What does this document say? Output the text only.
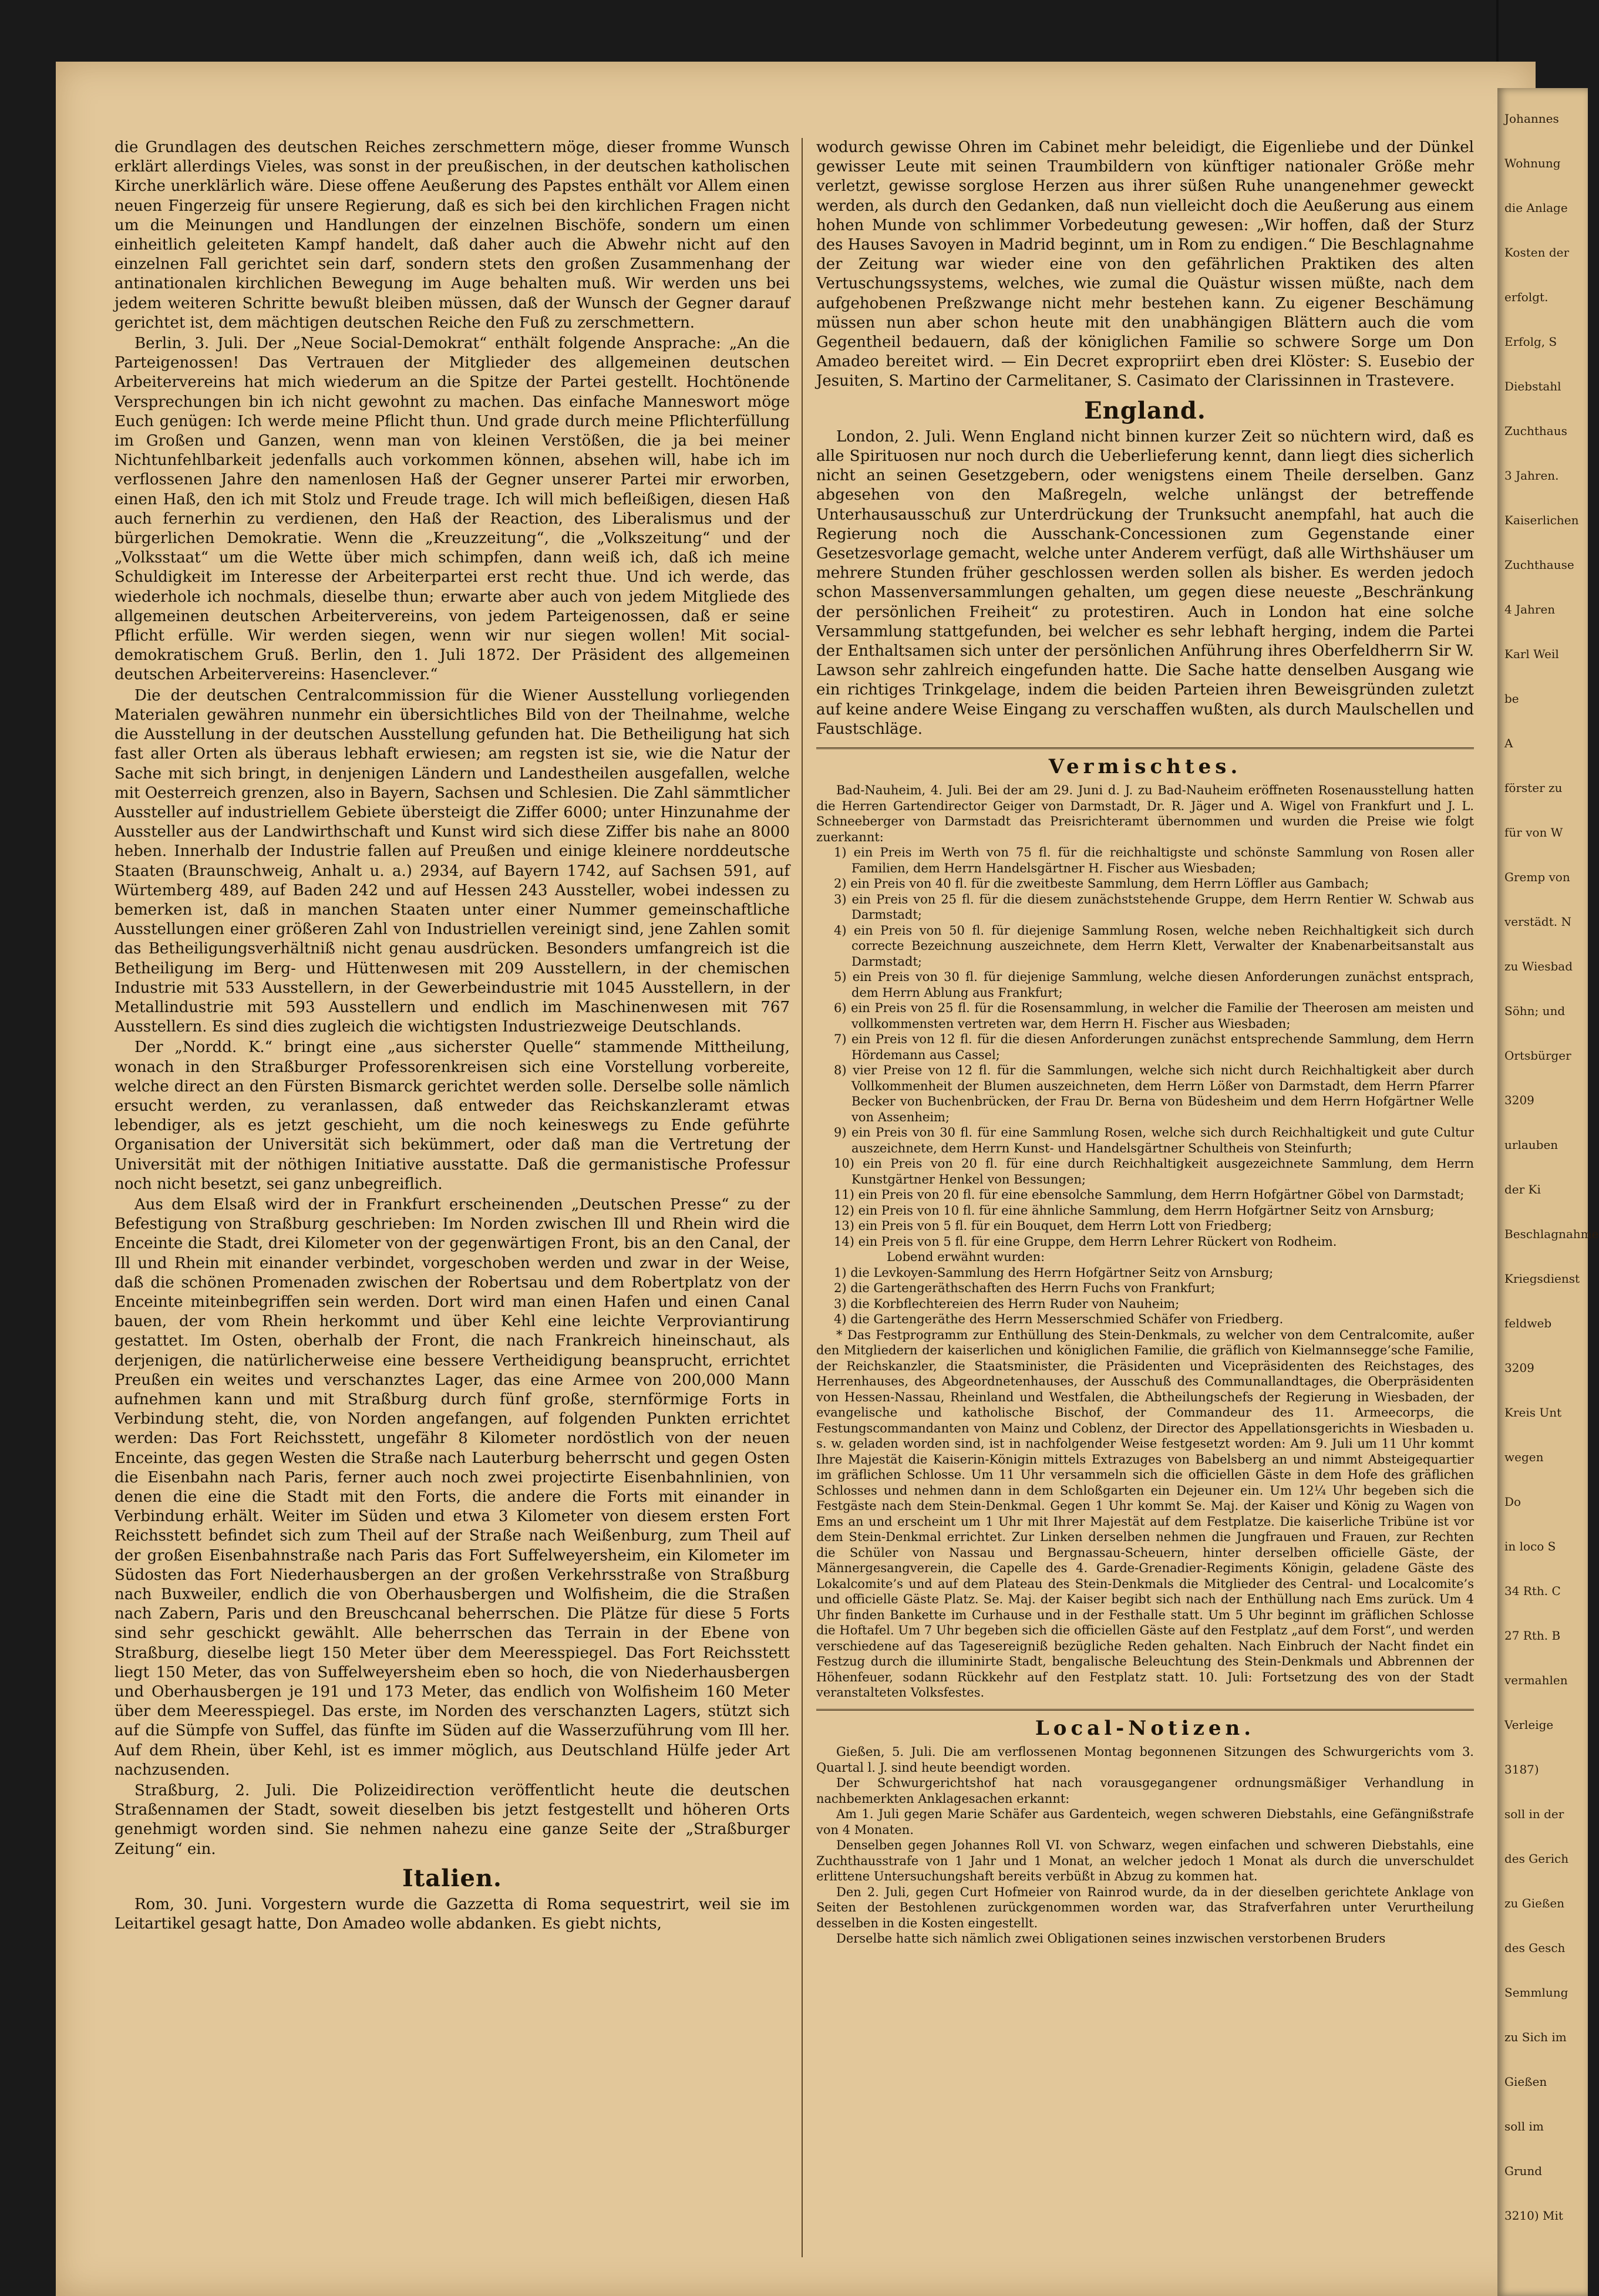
Johannes
Wohnung
die Anlage
Kosten der
erfolgt.
Erfolg, S
Diebstahl
Zuchthaus
3 Jahren.
Kaiserlichen
Zuchthause
4 Jahren
Karl Weil
be
A
förster zu
für von W
Gremp von
verstädt. N
zu Wiesbad
Söhn; und
Ortsbürger
3209
urlauben
der Ki
Beschlagnahme
Kriegsdienst
feldweb
3209
Kreis Unt
wegen
Do
in loco S
34 Rth. C
27 Rth. B
vermahlen
Verleige
3187)
soll in der
des Gerich
zu Gießen
des Gesch
Semmlung
zu Sich im
Gießen
soll im
Grund
3210) Mit

die Grundlagen des deutschen Reiches zerschmettern möge, dieser fromme Wunsch erklärt allerdings Vieles, was sonst in der preußischen, in der deutschen katholischen Kirche unerklärlich wäre. Diese offene Aeußerung des Papstes enthält vor Allem einen neuen Fingerzeig für unsere Regierung, daß es sich bei den kirchlichen Fragen nicht um die Meinungen und Handlungen der einzelnen Bischöfe, sondern um einen einheitlich geleiteten Kampf handelt, daß daher auch die Abwehr nicht auf den einzelnen Fall gerichtet sein darf, sondern stets den großen Zusammenhang der antinationalen kirchlichen Bewegung im Auge behalten muß. Wir werden uns bei jedem weiteren Schritte bewußt bleiben müssen, daß der Wunsch der Gegner darauf gerichtet ist, dem mächtigen deutschen Reiche den Fuß zu zerschmettern.

Berlin, 3. Juli. Der „Neue Social-Demokrat“ enthält folgende Ansprache: „An die Parteigenossen! Das Vertrauen der Mitglieder des allgemeinen deutschen Arbeitervereins hat mich wiederum an die Spitze der Partei gestellt. Hochtönende Versprechungen bin ich nicht gewohnt zu machen. Das einfache Manneswort möge Euch genügen: Ich werde meine Pflicht thun. Und grade durch meine Pflichterfüllung im Großen und Ganzen, wenn man von kleinen Verstößen, die ja bei meiner Nichtunfehlbarkeit jedenfalls auch vorkommen können, absehen will, habe ich im verflossenen Jahre den namenlosen Haß der Gegner unserer Partei mir erworben, einen Haß, den ich mit Stolz und Freude trage. Ich will mich befleißigen, diesen Haß auch fernerhin zu verdienen, den Haß der Reaction, des Liberalismus und der bürgerlichen Demokratie. Wenn die „Kreuzzeitung“, die „Volkszeitung“ und der „Volksstaat“ um die Wette über mich schimpfen, dann weiß ich, daß ich meine Schuldigkeit im Interesse der Arbeiterpartei erst recht thue. Und ich werde, das wiederhole ich nochmals, dieselbe thun; erwarte aber auch von jedem Mitgliede des allgemeinen deutschen Arbeitervereins, von jedem Parteigenossen, daß er seine Pflicht erfülle. Wir werden siegen, wenn wir nur siegen wollen! Mit social-demokratischem Gruß. Berlin, den 1. Juli 1872. Der Präsident des allgemeinen deutschen Arbeitervereins: Hasenclever.“

Die der deutschen Centralcommission für die Wiener Ausstellung vorliegenden Materialen gewähren nunmehr ein übersichtliches Bild von der Theilnahme, welche die Ausstellung in der deutschen Ausstellung gefunden hat. Die Betheiligung hat sich fast aller Orten als überaus lebhaft erwiesen; am regsten ist sie, wie die Natur der Sache mit sich bringt, in denjenigen Ländern und Landestheilen ausgefallen, welche mit Oesterreich grenzen, also in Bayern, Sachsen und Schlesien. Die Zahl sämmtlicher Aussteller auf industriellem Gebiete übersteigt die Ziffer 6000; unter Hinzunahme der Aussteller aus der Landwirthschaft und Kunst wird sich diese Ziffer bis nahe an 8000 heben. Innerhalb der Industrie fallen auf Preußen und einige kleinere norddeutsche Staaten (Braunschweig, Anhalt u. a.) 2934, auf Bayern 1742, auf Sachsen 591, auf Würtemberg 489, auf Baden 242 und auf Hessen 243 Aussteller, wobei indessen zu bemerken ist, daß in manchen Staaten unter einer Nummer gemeinschaftliche Ausstellungen einer größeren Zahl von Industriellen vereinigt sind, jene Zahlen somit das Betheiligungsverhältniß nicht genau ausdrücken. Besonders umfangreich ist die Betheiligung im Berg- und Hüttenwesen mit 209 Ausstellern, in der chemischen Industrie mit 533 Ausstellern, in der Gewerbeindustrie mit 1045 Ausstellern, in der Metallindustrie mit 593 Ausstellern und endlich im Maschinenwesen mit 767 Ausstellern. Es sind dies zugleich die wichtigsten Industriezweige Deutschlands.

Der „Nordd. K.“ bringt eine „aus sicherster Quelle“ stammende Mittheilung, wonach in den Straßburger Professorenkreisen sich eine Vorstellung vorbereite, welche direct an den Fürsten Bismarck gerichtet werden solle. Derselbe solle nämlich ersucht werden, zu veranlassen, daß entweder das Reichskanzleramt etwas lebendiger, als es jetzt geschieht, um die noch keineswegs zu Ende geführte Organisation der Universität sich bekümmert, oder daß man die Vertretung der Universität mit der nöthigen Initiative ausstatte. Daß die germanistische Professur noch nicht besetzt, sei ganz unbegreiflich.

Aus dem Elsaß wird der in Frankfurt erscheinenden „Deutschen Presse“ zu der Befestigung von Straßburg geschrieben: Im Norden zwischen Ill und Rhein wird die Enceinte die Stadt, drei Kilometer von der gegenwärtigen Front, bis an den Canal, der Ill und Rhein mit einander verbindet, vorgeschoben werden und zwar in der Weise, daß die schönen Promenaden zwischen der Robertsau und dem Robertplatz von der Enceinte miteinbegriffen sein werden. Dort wird man einen Hafen und einen Canal bauen, der vom Rhein herkommt und über Kehl eine leichte Verproviantirung gestattet. Im Osten, oberhalb der Front, die nach Frankreich hineinschaut, als derjenigen, die natürlicherweise eine bessere Vertheidigung beansprucht, errichtet Preußen ein weites und verschanztes Lager, das eine Armee von 200,000 Mann aufnehmen kann und mit Straßburg durch fünf große, sternförmige Forts in Verbindung steht, die, von Norden angefangen, auf folgenden Punkten errichtet werden: Das Fort Reichsstett, ungefähr 8 Kilometer nordöstlich von der neuen Enceinte, das gegen Westen die Straße nach Lauterburg beherrscht und gegen Osten die Eisenbahn nach Paris, ferner auch noch zwei projectirte Eisenbahnlinien, von denen die eine die Stadt mit den Forts, die andere die Forts mit einander in Verbindung erhält. Weiter im Süden und etwa 3 Kilometer von diesem ersten Fort Reichsstett befindet sich zum Theil auf der Straße nach Weißenburg, zum Theil auf der großen Eisenbahnstraße nach Paris das Fort Suffelweyersheim, ein Kilometer im Südosten das Fort Niederhausbergen an der großen Verkehrsstraße von Straßburg nach Buxweiler, endlich die von Oberhausbergen und Wolfisheim, die die Straßen nach Zabern, Paris und den Breuschcanal beherrschen. Die Plätze für diese 5 Forts sind sehr geschickt gewählt. Alle beherrschen das Terrain in der Ebene von Straßburg, dieselbe liegt 150 Meter über dem Meeresspiegel. Das Fort Reichsstett liegt 150 Meter, das von Suffelweyersheim eben so hoch, die von Niederhausbergen und Oberhausbergen je 191 und 173 Meter, das endlich von Wolfisheim 160 Meter über dem Meeresspiegel. Das erste, im Norden des verschanzten Lagers, stützt sich auf die Sümpfe von Suffel, das fünfte im Süden auf die Wasserzuführung vom Ill her. Auf dem Rhein, über Kehl, ist es immer möglich, aus Deutschland Hülfe jeder Art nachzusenden.

Straßburg, 2. Juli. Die Polizeidirection veröffentlicht heute die deutschen Straßennamen der Stadt, soweit dieselben bis jetzt festgestellt und höheren Orts genehmigt worden sind. Sie nehmen nahezu eine ganze Seite der „Straßburger Zeitung“ ein.

Italien.

Rom, 30. Juni. Vorgestern wurde die Gazzetta di Roma sequestrirt, weil sie im Leitartikel gesagt hatte, Don Amadeo wolle abdanken. Es giebt nichts,

wodurch gewisse Ohren im Cabinet mehr beleidigt, die Eigenliebe und der Dünkel gewisser Leute mit seinen Traumbildern von künftiger nationaler Größe mehr verletzt, gewisse sorglose Herzen aus ihrer süßen Ruhe unangenehmer geweckt werden, als durch den Gedanken, daß nun vielleicht doch die Aeußerung aus einem hohen Munde von schlimmer Vorbedeutung gewesen: „Wir hoffen, daß der Sturz des Hauses Savoyen in Madrid beginnt, um in Rom zu endigen.“ Die Beschlagnahme der Zeitung war wieder eine von den gefährlichen Praktiken des alten Vertuschungssystems, welches, wie zumal die Quästur wissen müßte, nach dem aufgehobenen Preßzwange nicht mehr bestehen kann. Zu eigener Beschämung müssen nun aber schon heute mit den unabhängigen Blättern auch die vom Gegentheil bedauern, daß der königlichen Familie so schwere Sorge um Don Amadeo bereitet wird. — Ein Decret expropriirt eben drei Klöster: S. Eusebio der Jesuiten, S. Martino der Carmelitaner, S. Casimato der Clarissinnen in Trastevere.

England.

London, 2. Juli. Wenn England nicht binnen kurzer Zeit so nüchtern wird, daß es alle Spirituosen nur noch durch die Ueberlieferung kennt, dann liegt dies sicherlich nicht an seinen Gesetzgebern, oder wenigstens einem Theile derselben. Ganz abgesehen von den Maßregeln, welche unlängst der betreffende Unterhausausschuß zur Unterdrückung der Trunksucht anempfahl, hat auch die Regierung noch die Ausschank-Concessionen zum Gegenstande einer Gesetzesvorlage gemacht, welche unter Anderem verfügt, daß alle Wirthshäuser um mehrere Stunden früher geschlossen werden sollen als bisher. Es werden jedoch schon Massenversammlungen gehalten, um gegen diese neueste „Beschränkung der persönlichen Freiheit“ zu protestiren. Auch in London hat eine solche Versammlung stattgefunden, bei welcher es sehr lebhaft herging, indem die Partei der Enthaltsamen sich unter der persönlichen Anführung ihres Oberfeldherrn Sir W. Lawson sehr zahlreich eingefunden hatte. Die Sache hatte denselben Ausgang wie ein richtiges Trinkgelage, indem die beiden Parteien ihren Beweisgründen zuletzt auf keine andere Weise Eingang zu verschaffen wußten, als durch Maulschellen und Faustschläge.

Vermischtes.

Bad-Nauheim, 4. Juli. Bei der am 29. Juni d. J. zu Bad-Nauheim eröffneten Rosenausstellung hatten die Herren Gartendirector Geiger von Darmstadt, Dr. R. Jäger und A. Wigel von Frankfurt und J. L. Schneeberger von Darmstadt das Preisrichteramt übernommen und wurden die Preise wie folgt zuerkannt:

1) ein Preis im Werth von 75 fl. für die reichhaltigste und schönste Sammlung von Rosen aller Familien, dem Herrn Handelsgärtner H. Fischer aus Wiesbaden;

2) ein Preis von 40 fl. für die zweitbeste Sammlung, dem Herrn Löffler aus Gambach;

3) ein Preis von 25 fl. für die diesem zunächststehende Gruppe, dem Herrn Rentier W. Schwab aus Darmstadt;

4) ein Preis von 50 fl. für diejenige Sammlung Rosen, welche neben Reichhaltigkeit sich durch correcte Bezeichnung auszeichnete, dem Herrn Klett, Verwalter der Knabenarbeitsanstalt aus Darmstadt;

5) ein Preis von 30 fl. für diejenige Sammlung, welche diesen Anforderungen zunächst entsprach, dem Herrn Ablung aus Frankfurt;

6) ein Preis von 25 fl. für die Rosensammlung, in welcher die Familie der Theerosen am meisten und vollkommensten vertreten war, dem Herrn H. Fischer aus Wiesbaden;

7) ein Preis von 12 fl. für die diesen Anforderungen zunächst entsprechende Sammlung, dem Herrn Hördemann aus Cassel;

8) vier Preise von 12 fl. für die Sammlungen, welche sich nicht durch Reichhaltigkeit aber durch Vollkommenheit der Blumen auszeichneten, dem Herrn Lößer von Darmstadt, dem Herrn Pfarrer Becker von Buchenbrücken, der Frau Dr. Berna von Büdesheim und dem Herrn Hofgärtner Welle von Assenheim;

9) ein Preis von 30 fl. für eine Sammlung Rosen, welche sich durch Reichhaltigkeit und gute Cultur auszeichnete, dem Herrn Kunst- und Handelsgärtner Schultheis von Steinfurth;

10) ein Preis von 20 fl. für eine durch Reichhaltigkeit ausgezeichnete Sammlung, dem Herrn Kunstgärtner Henkel von Bessungen;

11) ein Preis von 20 fl. für eine ebensolche Sammlung, dem Herrn Hofgärtner Göbel von Darmstadt;

12) ein Preis von 10 fl. für eine ähnliche Sammlung, dem Herrn Hofgärtner Seitz von Arnsburg;

13) ein Preis von 5 fl. für ein Bouquet, dem Herrn Lott von Friedberg;

14) ein Preis von 5 fl. für eine Gruppe, dem Herrn Lehrer Rückert von Rodheim.

Lobend erwähnt wurden:

1) die Levkoyen-Sammlung des Herrn Hofgärtner Seitz von Arnsburg;

2) die Gartengeräthschaften des Herrn Fuchs von Frankfurt;

3) die Korbflechtereien des Herrn Ruder von Nauheim;

4) die Gartengeräthe des Herrn Messerschmied Schäfer von Friedberg.

* Das Festprogramm zur Enthüllung des Stein-Denkmals, zu welcher von dem Centralcomite, außer den Mitgliedern der kaiserlichen und königlichen Familie, die gräflich von Kielmannsegge’sche Familie, der Reichskanzler, die Staatsminister, die Präsidenten und Vicepräsidenten des Reichstages, des Herrenhauses, des Abgeordnetenhauses, der Ausschuß des Communallandtages, die Oberpräsidenten von Hessen-Nassau, Rheinland und Westfalen, die Abtheilungschefs der Regierung in Wiesbaden, der evangelische und katholische Bischof, der Commandeur des 11. Armeecorps, die Festungscommandanten von Mainz und Coblenz, der Director des Appellationsgerichts in Wiesbaden u. s. w. geladen worden sind, ist in nachfolgender Weise festgesetzt worden: Am 9. Juli um 11 Uhr kommt Ihre Majestät die Kaiserin-Königin mittels Extrazuges von Babelsberg an und nimmt Absteigequartier im gräflichen Schlosse. Um 11 Uhr versammeln sich die officiellen Gäste in dem Hofe des gräflichen Schlosses und nehmen dann in dem Schloßgarten ein Dejeuner ein. Um 12¼ Uhr begeben sich die Festgäste nach dem Stein-Denkmal. Gegen 1 Uhr kommt Se. Maj. der Kaiser und König zu Wagen von Ems an und erscheint um 1 Uhr mit Ihrer Majestät auf dem Festplatze. Die kaiserliche Tribüne ist vor dem Stein-Denkmal errichtet. Zur Linken derselben nehmen die Jungfrauen und Frauen, zur Rechten die Schüler von Nassau und Bergnassau-Scheuern, hinter derselben officielle Gäste, der Männergesangverein, die Capelle des 4. Garde-Grenadier-Regiments Königin, geladene Gäste des Lokalcomite’s und auf dem Plateau des Stein-Denkmals die Mitglieder des Central- und Localcomite’s und officielle Gäste Platz. Se. Maj. der Kaiser begibt sich nach der Enthüllung nach Ems zurück. Um 4 Uhr finden Bankette im Curhause und in der Festhalle statt. Um 5 Uhr beginnt im gräflichen Schlosse die Hoftafel. Um 7 Uhr begeben sich die officiellen Gäste auf den Festplatz „auf dem Forst“, und werden verschiedene auf das Tagesereigniß bezügliche Reden gehalten. Nach Einbruch der Nacht findet ein Festzug durch die illuminirte Stadt, bengalische Beleuchtung des Stein-Denkmals und Abbrennen der Höhenfeuer, sodann Rückkehr auf den Festplatz statt. 10. Juli: Fortsetzung des von der Stadt veranstalteten Volksfestes.

Local-Notizen.

Gießen, 5. Juli. Die am verflossenen Montag begonnenen Sitzungen des Schwurgerichts vom 3. Quartal l. J. sind heute beendigt worden.

Der Schwurgerichtshof hat nach vorausgegangener ordnungsmäßiger Verhandlung in nachbemerkten Anklagesachen erkannt:

Am 1. Juli gegen Marie Schäfer aus Gardenteich, wegen schweren Diebstahls, eine Gefängnißstrafe von 4 Monaten.

Denselben gegen Johannes Roll VI. von Schwarz, wegen einfachen und schweren Diebstahls, eine Zuchthausstrafe von 1 Jahr und 1 Monat, an welcher jedoch 1 Monat als durch die unverschuldet erlittene Untersuchungshaft bereits verbüßt in Abzug zu kommen hat.

Den 2. Juli, gegen Curt Hofmeier von Rainrod wurde, da in der dieselben gerichtete Anklage von Seiten der Bestohlenen zurückgenommen worden war, das Strafverfahren unter Verurtheilung desselben in die Kosten eingestellt.

Derselbe hatte sich nämlich zwei Obligationen seines inzwischen verstorbenen Bruders
